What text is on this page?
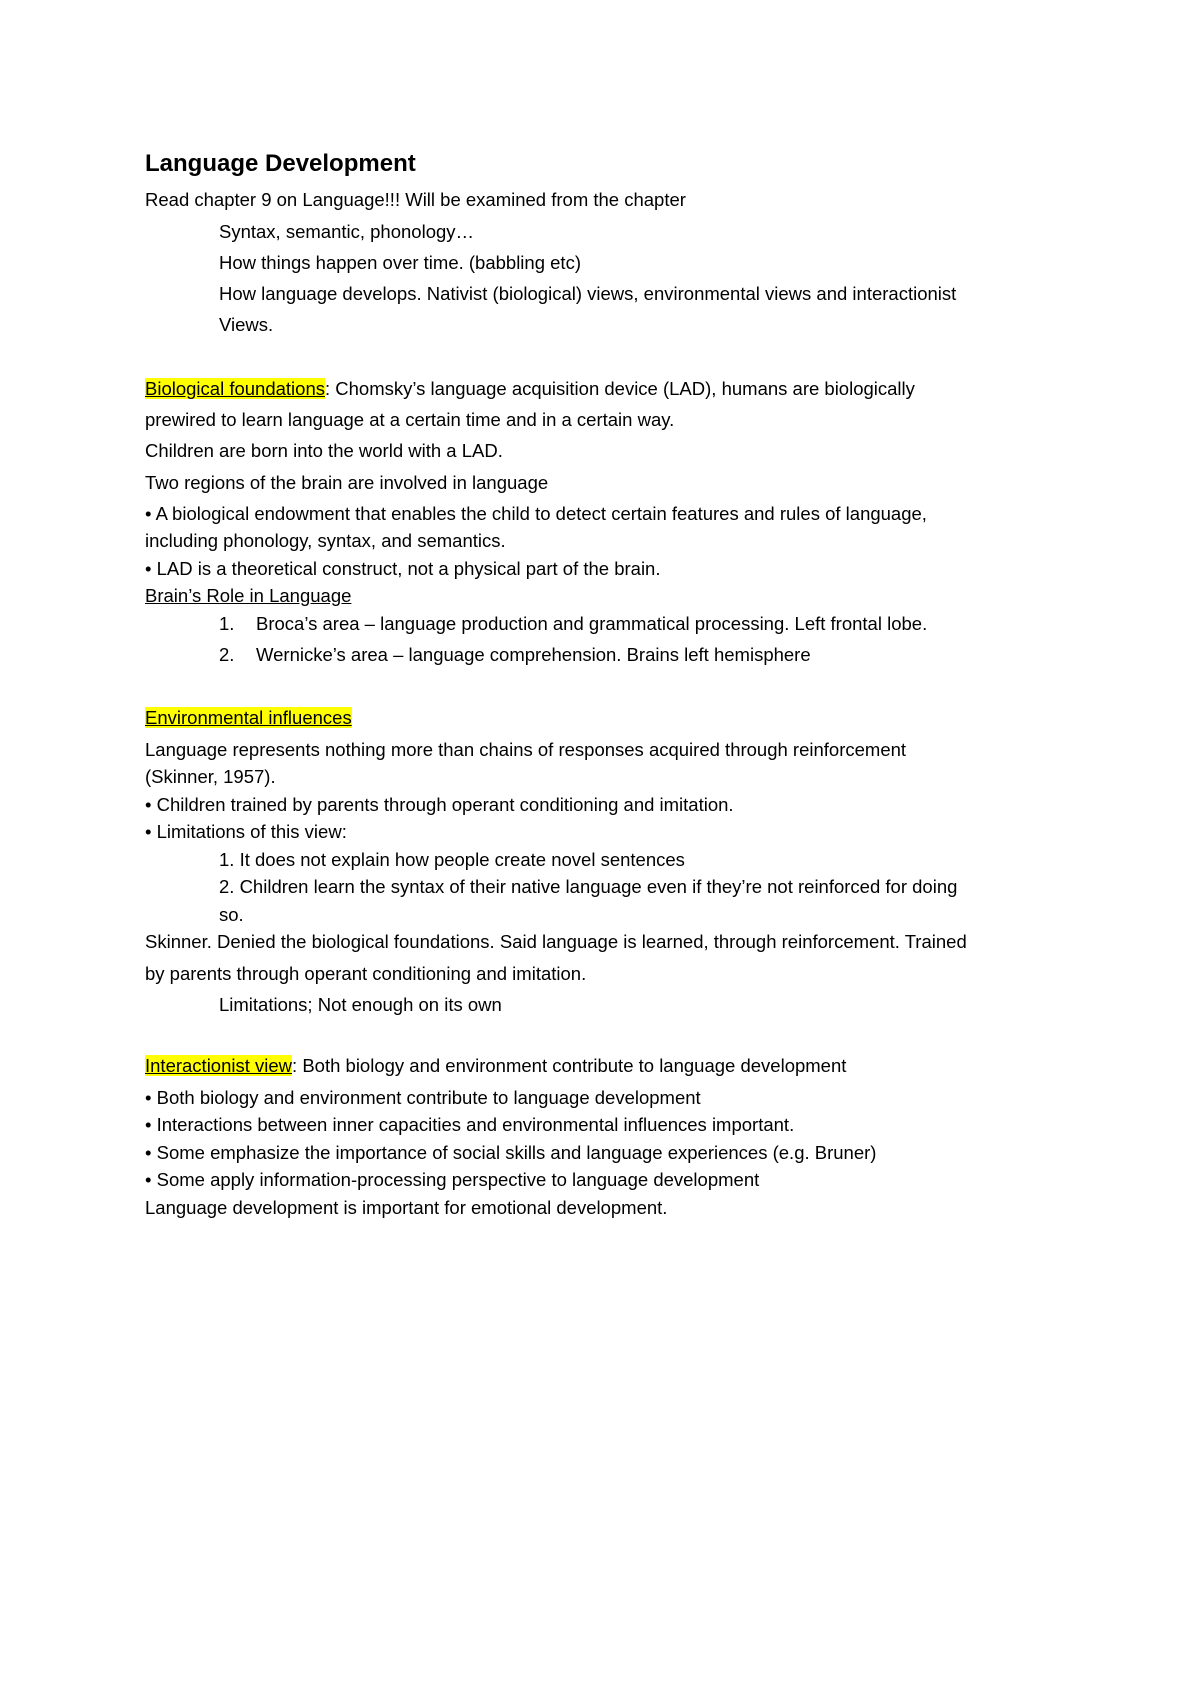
Language Development
Read chapter 9 on Language!!! Will be examined from the chapter
Syntax, semantic, phonology…
How things happen over time. (babbling etc)
How language develops. Nativist (biological) views, environmental views and interactionist
Views.
Biological foundations: Chomsky’s language acquisition device (LAD), humans are biologically
prewired to learn language at a certain time and in a certain way.
Children are born into the world with a LAD.
Two regions of the brain are involved in language
• A biological endowment that enables the child to detect certain features and rules of language,
including phonology, syntax, and semantics.
• LAD is a theoretical construct, not a physical part of the brain.
Brain’s Role in Language
1. Broca’s area – language production and grammatical processing. Left frontal lobe.
2. Wernicke’s area – language comprehension. Brains left hemisphere
Environmental influences
Language represents nothing more than chains of responses acquired through reinforcement
(Skinner, 1957).
• Children trained by parents through operant conditioning and imitation.
• Limitations of this view:
1. It does not explain how people create novel sentences
2. Children learn the syntax of their native language even if they’re not reinforced for doing
so.
Skinner. Denied the biological foundations. Said language is learned, through reinforcement. Trained
by parents through operant conditioning and imitation.
Limitations; Not enough on its own
Interactionist view: Both biology and environment contribute to language development
• Both biology and environment contribute to language development
• Interactions between inner capacities and environmental influences important.
• Some emphasize the importance of social skills and language experiences (e.g. Bruner)
• Some apply information-processing perspective to language development
Language development is important for emotional development.
